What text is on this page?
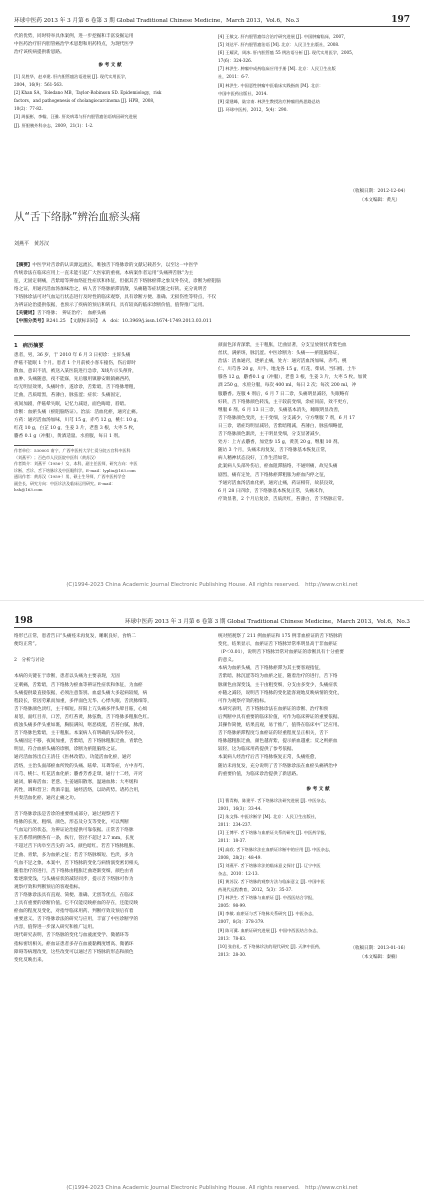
环球中医药 2013 年 3 月第 6 卷第 3 期 Global Traditional Chinese Medicine，March 2013，Vol.6，No.3	197
代的优势，同时特举具体案例，进一步挖掘和丰富发掘运用
中医药治疗肝内胆管癌治学术思想和用药特点，为现代医学
治疗该疾病提供新思路。
参 考 文 献
[1] 吴胜华，赵卓建. 肝内胆管癌治语进展 [J]. 现代实用医学，
2004，16(9)：561-563.
[2] Khan SA，Toledano MB，Taylor-Robinson SD. Epidemiology，risk
factors，and pathogenesis of cholangiocarcinoma [J]. HPB，2008，
10(2)：77-82.
[3] 周振彬，李翰，汪雅. 肝炎病毒与肝内胆管癌治语病因研究进展
[J]. 肝胆胰外科杂志，2009，21(1)：1-2.
[4] 王敏文. 肝内胆管癌综合治疗研究进展 [J]. 中国肿瘤临床，2007，
[5] 刘达平. 肝内胆管癌治语 [M]. 北京：人民卫生出版社，2008.
[6] 王耀武，周冰. 肝内胆管癌 55 例治语分析 [J]. 现代实用医学，2005，
17(6)：324-326.
[7] 林洪生. 肿瘤中成药临床应用手册 [M]. 北京：人民卫生出版
社，2011：6-7.
[8] 林洪生. 中国恶性肿瘤中医临床实践指南 [M]. 北京：
中国中医药出版社，2014.
[9] 梁建峰，陆宗南. 林洪生教授治疗肿瘤用药思路总结
[J]. 环球中医药，2012，5(4)：290.
（收稿日期：2012-12-04）
（本文编辑：黄凡）
从“舌下络脉”辨治血瘀头痛
刘燕平　黄苏汉
【摘要】中医学对舌诊的认识源远流长，唯独舌下络脉诊的文献记载甚少，以至这一中医学
传统诊法在临床应用上一直未能引起广大医家的重视。本病案作者运用“头痛辨舌脉”为主
征，无固定刺痛，舌紫暗等辨血络征性症状和体征，但据其舌下络脉瘀滞之象及外伤史，诊断为瘀阻脑
络之证，用通窍活血汤加味治之，病人舌下络脉瘀滞消散，头痛随等症状随之好转。充分说明舌
下络脉诊法可对气血运行状态进行及时性的临床观察，具有诊断方便、准确、无损伤性等特点，不仅
为辨证论治提供依据，也预示了疾病的预后和转归，具有较高的临床诊断价值，值得推广运用。
【关键词】舌下络脉；　辨证治疗；　血瘀头痛
【中图分类号】R241.25　【文献标识码】　A　doi：10.3969/j.issn.1674-1749.2013.03.011
1　病历摘要
患者，男，36 岁，于 2010 年 6 月 3 日初诊：主诉头痛
伴眩不能眠 1 个月。患者 1 个月前被小客车撞伤，伤后即时
散血，意识不清，被送入某医院进行急诊，X线片示头颅骨，
血肿、头痛随意，夜不能寐，先后服用镇静安眠镇痛西药，
均无明显效果，头痛时作，遂诊诊，舌紫暗，舌下络脉增粗，
迂曲，舌质暗黑，苔薄白，脉弦涩；症状：头痛固定，
夜间加剧，伴眩晕失眠，记忆力减退，面色晦暗，唇暗。
诊断：血瘀头痛（瘀阻脑络证）。治法：活血化瘀，通窍止痛。
方药：通窍活血汤加味，川芎 15 g，赤芍 12 g，桃仁 10 g，
红花 10 g，白芷 10 g，生姜 3 片，老葱 3 根，大枣 5 枚，
麝香 0.1 g（冲服），黄酒适量。水煎服，每日 1 剂。
作者单位：530001 南宁，广西中医药大学仁爱分院五官科中医科
（刘燕平）；百色市人民医院中医科（黄苏汉）
作者简介：刘燕平（1956-）女，本科，副主任医师，研究方向：中医
诊断、舌诊、舌下络脉诊及中医眼科学。E-mail：lypliu@163.com
通讯作者：黄苏汉（1959-）男，硕士生导师，广西中医药学会
副会长，研究方向：中医诊法及临床运用研究。E-mail：
hsh@163.com
颜面色泽青深紫，主干粗胀，迂曲显著，分支呈放射状青紫色血
丝状，满瘀斑，脉沉涩。中医诊断为：头痛——瘀阻脑络证，
治法：活血通窍，逐瘀止痛，处方：通窍活血汤加味，赤芍、桃
仁、川芎各 20 g，川牛、地龙各 15 g，红花、柴胡、当归梢、土牛
膝各 12 g，麝香0.1 g（冲服），老葱 3 根，生姜 3 片，大枣 5 枚。加黄
酒 250 g，水煎分服，每次 400 ml，每日 2 次；每次 200 ml，冲
服麝香。连服 4 剂后，6 月 7 日二诊，头痛明显减轻，失眠略有
好转，舌下络脉颜色转浅，主干较前变细，余症同前，效不更方，
继服 6 剂。6 月 13 日三诊，头痛基本消失，睡眠明显改善，
舌下络脉颜色变淡，主干变细，分支减少，守方继服 7 剂，6 月 17
日三诊，诸症均明显减轻，舌紫暗稍减，苔薄白，脉弦细略涩，
舌下络脉颜色渐淡，主干明显变细，分支显著减少，
处方：上方去麝香，加党参 15 g，黄芪 20 g，继服 10 剂。
随访 3 个月，头痛未再复发，舌下络脉基本恢复正常，
病人精神状态良好，工作生活如常。
此案病人头部外伤后，瘀血阻滞脑络，不通则痛，故见头痛
剧烈，痛有定处，舌下络脉瘀滞粗胀为瘀血内停之征，
予通窍活血汤活血化瘀，通窍止痛，药证相符，故获良效，
6 月 28 日四诊，舌下络脉基本恢复正常，头痛未作，
疗效显著，2 个月后复诊，舌质淡红，苔薄白，舌下络脉正常。
(C)1994-2023 China Academic Journal Electronic Publishing House. All rights reserved.　http://www.cnki.net
198	环球中医药 2013 年 3 月第 6 卷第 3 期 Global Traditional Chinese Medicine，March 2013，Vol.6，No.3
络形已正常，患者告曰“头痛痊未再复发，睡眠良好，食纳二
便均正常”。
2　分析与讨论
本病的关键在于诊断，患者以头痛为主要表现，无固
定刺痛，舌紫暗，舌下络脉为瘀血等辨证性症状和体征，为血瘀
头痛提供最直接依据，必须注意鉴别。血虚头痛大多起病较缓，病
程较长，常因劳累而加重，多伴面色无华、心悸失眠、舌淡脉细等，
舌下络脉颜色淡红，主干细短。肝阳上亢头痛多伴头晕目眩，心烦
易怒，面红目赤，口苦，舌红苔黄，脉弦数，舌下络脉多粗胀色红。
痰浊头痛多伴头重如裹，胸脘满闷，呕恶痰涎，舌苔白腻，脉滑，
舌下络脉色紫暗，主干粗胀。本案病人有明确的头部外伤史，
头痛固定不移，夜间加重，舌紫暗，舌下络脉粗胀迂曲，青紫色
明显，符合血瘀头痛的诊断，诊断为瘀阻脑络之证。
通窍活血汤出自王清任《医林改错》，功能活血化瘀，通窍
活络，主治头面部瘀血所致的头痛、眩晕、耳聋等症，方中赤芍、
川芎、桃仁、红花活血化瘀；麝香芳香走窜，通行十二经，开窍
通闭，解毒活血；老葱、生姜通阳散寒，温通血脉；大枣缓和
药性，调和营卫；黄酒辛温，通经活络，以助药势。诸药合用，
共奏活血化瘀、通窍止痛之功。
舌下络脉诊法是舌诊的重要组成部分，通过观察舌下
络脉的长度、粗细、颜色、形态及分支等变化，可以判断
气血运行的状态，为辨证论治提供可靠依据。正常舌下络脉
在舌系带两侧各有一条，纵行，管径不超过 2.7 mm，长度
不超过舌下肉阜至舌尖的 3/5，颜色暗红。若舌下络脉粗胀、
迂曲、青紫，多为血瘀之征；若舌下络脉细短、色淡，多为
气血不足之象。本案中，舌下络脉的变化与病情演变密切相关，
随着治疗的进行，舌下络脉由粗胀迂曲逐渐变细，颜色由青
紫逐渐变浅，与头痛症状的减轻同步，提示舌下络脉可作为
观察疗效和判断预后的客观指标。
舌下络脉诊法具有直观、简便、准确、无创等优点，在临床
上具有重要的诊断价值。它不仅能反映瘀血的存在，还能反映
瘀血的程度及变化，对指导临床用药、判断疗效及预后有着
重要意义。舌下络脉诊法的研究与应用，丰富了中医诊断学的
内容，值得进一步深入研究和推广运用。
现代研究表明，舌下络脉的变化与血液流变学、微循环等
指标密切相关。瘀血证患者多存在血液黏稠度增高、微循环
障碍等病理改变，这些改变可以通过舌下络脉的形态和颜色
变化反映出来。
统对照观察了 211 例血瘀证和 175 例非血瘀证的舌下络脉的
变化，结果显示，血瘀证舌下络脉异常率明显高于非血瘀证
（P＜0.01），说明舌下络脉异常对血瘀证的诊断具有十分重要
的意义。
本病为血瘀头痛，舌下络脉瘀滞为其主要客观指征，
舌紫暗、脉沉涩等均为血瘀之征，随着治疗的进行，舌下络
脉颜色由深变浅，主干由粗变细，分支由多变少，头痛症状
亦随之减轻，说明舌下络脉的变化能客观地反映病情的变化，
可作为观察疗效的指标。
本研究表明，舌下络脉诊法在血瘀证的诊断、治疗和预
后判断中具有重要的临床价值，可作为临床辨证的重要依据。
其操作简便，结果直观，易于推广，值得在临床中广泛应用。
舌下络脉瘀滞程度与血瘀证的轻重程度呈正相关，舌下
络脉越粗胀迂曲，颜色越青紫，提示瘀血越重；反之则瘀血
较轻，这为临床用药提供了参考依据。
本案病人经治疗后舌下络脉恢复正常，头痛痊愈，
随访未再复发，充分说明了舌下络脉诊法在血瘀头痛辨治中
的重要价值，为临床诊治提供了新思路。
参 考 文 献
[1] 曹青梅，陈建平. 舌下络脉诊法研究进展 [J]. 中医杂志，
2001，16(3)：33-44.
[2] 朱文锋. 中医诊断学 [M]. 北京：人民卫生出版社，
2011：234-237.
[3] 王博平. 舌下络脉与血瘀证关系的研究 [J]. 中医药学报，
2011：18-37.
[4] 高欣. 舌下络脉诊法在血瘀证诊断中的应用 [J]. 中医杂志，
2008，28(2)：48-49.
[5] 刘燕平. 舌下络脉诊法的临床意义探讨 [J]. 辽宁中医
杂志，2010：12-13.
[6] 黄苏汉. 舌下络脉的观察方法与临床意义 [J]. 中国中医
药现代远程教育，2012，5(3)：35-37.
[7] 林洪生. 舌下络脉与血瘀证 [J]. 中西医结合学报，
2005：98-99.
[8] 李敏. 血瘀证与舌下络脉关系研究 [J]. 中医杂志，
2007，8(3)：378-379.
[9] 陈可冀. 血瘀证研究进展 [J]. 中国中西医结合杂志，
2013：78-83.
[10] 张伯礼. 舌下络脉诊法的现代研究 [J]. 天津中医药，
2013：28-30.
（收稿日期：2013-01-16）
（本文编辑：秦楠）
(C)1994-2023 China Academic Journal Electronic Publishing House. All rights reserved.　http://www.cnki.net
